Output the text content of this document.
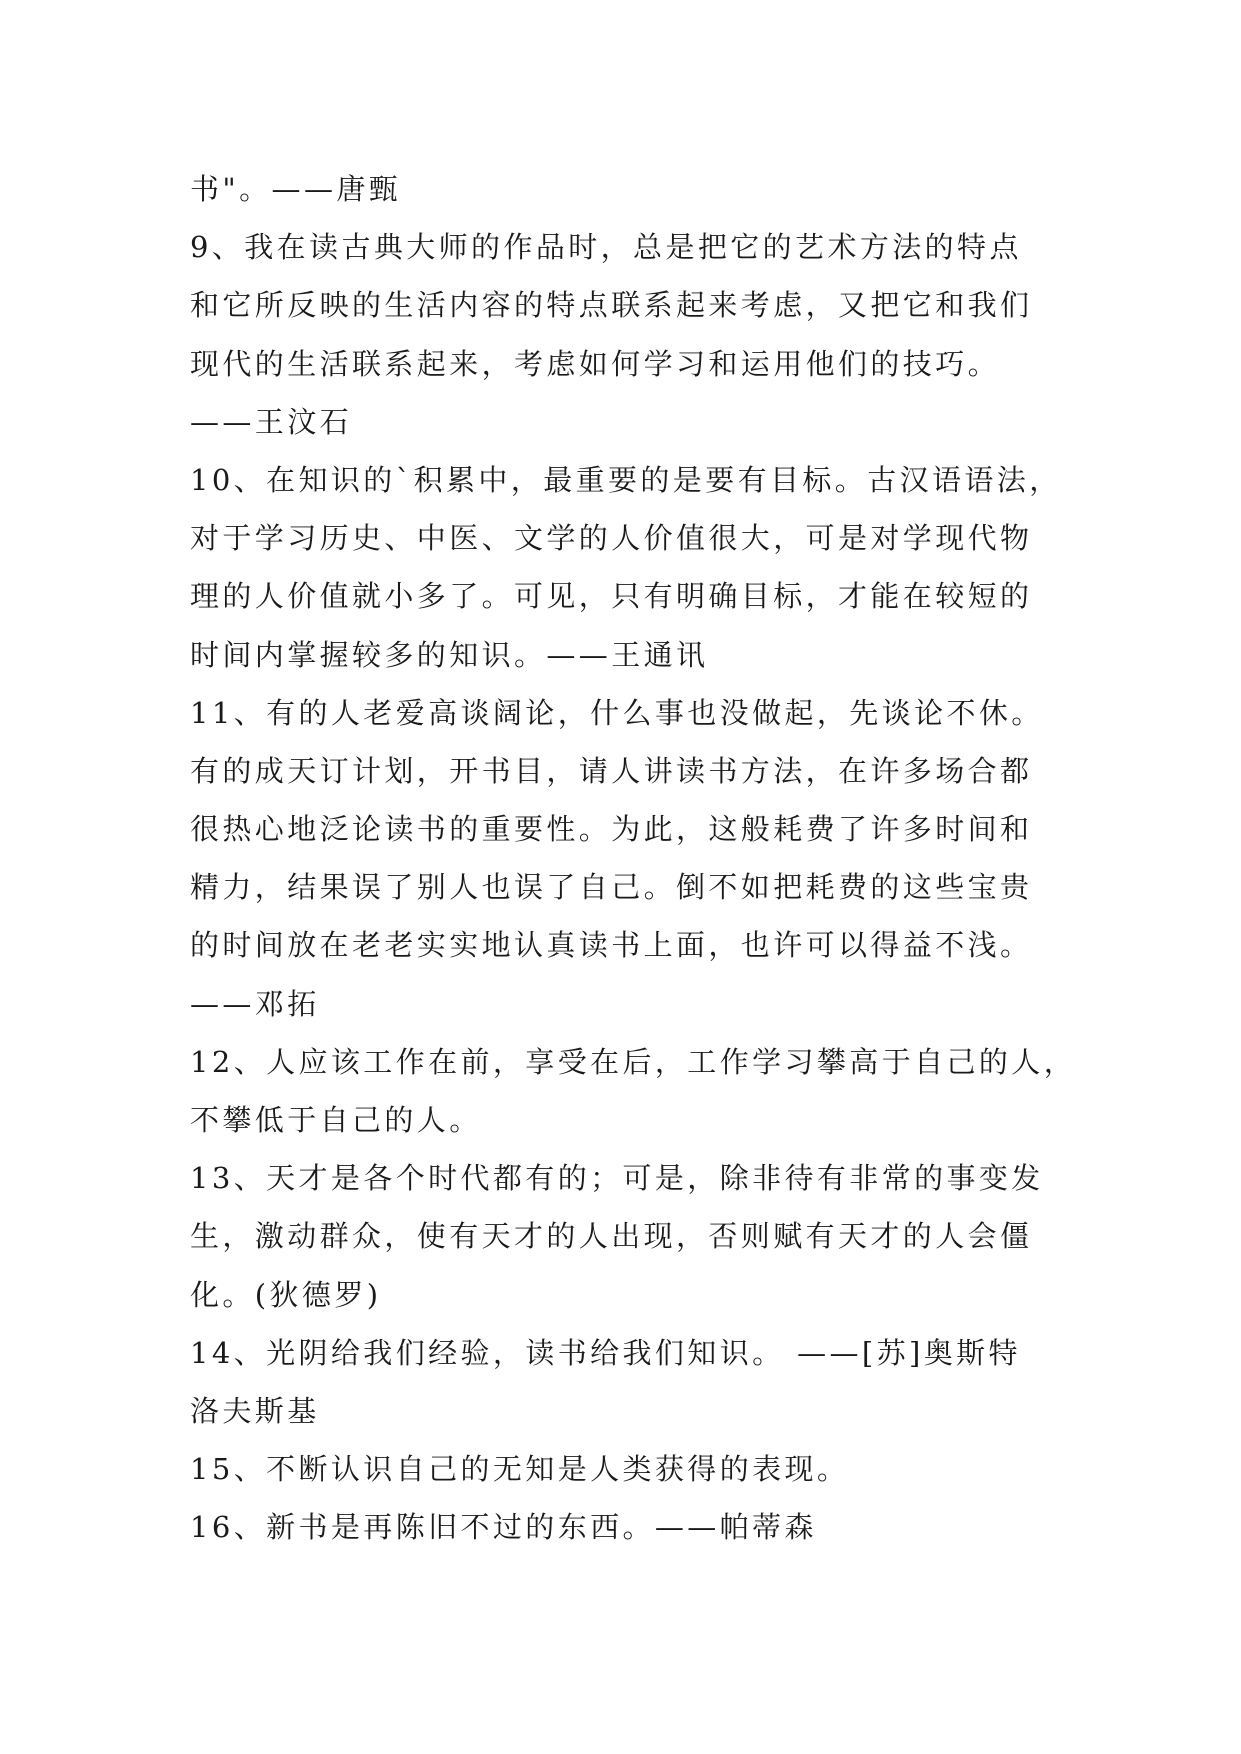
书"。——唐甄
9、我在读古典大师的作品时，总是把它的艺术方法的特点
和它所反映的生活内容的特点联系起来考虑，又把它和我们
现代的生活联系起来，考虑如何学习和运用他们的技巧。
——王汶石
10、在知识的`积累中，最重要的是要有目标。古汉语语法，
对于学习历史、中医、文学的人价值很大，可是对学现代物
理的人价值就小多了。可见，只有明确目标，才能在较短的
时间内掌握较多的知识。——王通讯
11、有的人老爱高谈阔论，什么事也没做起，先谈论不休。
有的成天订计划，开书目，请人讲读书方法，在许多场合都
很热心地泛论读书的重要性。为此，这般耗费了许多时间和
精力，结果误了别人也误了自己。倒不如把耗费的这些宝贵
的时间放在老老实实地认真读书上面，也许可以得益不浅。
——邓拓
12、人应该工作在前，享受在后，工作学习攀高于自己的人，
不攀低于自己的人。
13、天才是各个时代都有的；可是，除非待有非常的事变发
生，激动群众，使有天才的人出现，否则赋有天才的人会僵
化。(狄德罗)
14、光阴给我们经验，读书给我们知识。 ——[苏]奥斯特
洛夫斯基
15、不断认识自己的无知是人类获得的表现。
16、新书是再陈旧不过的东西。——帕蒂森
